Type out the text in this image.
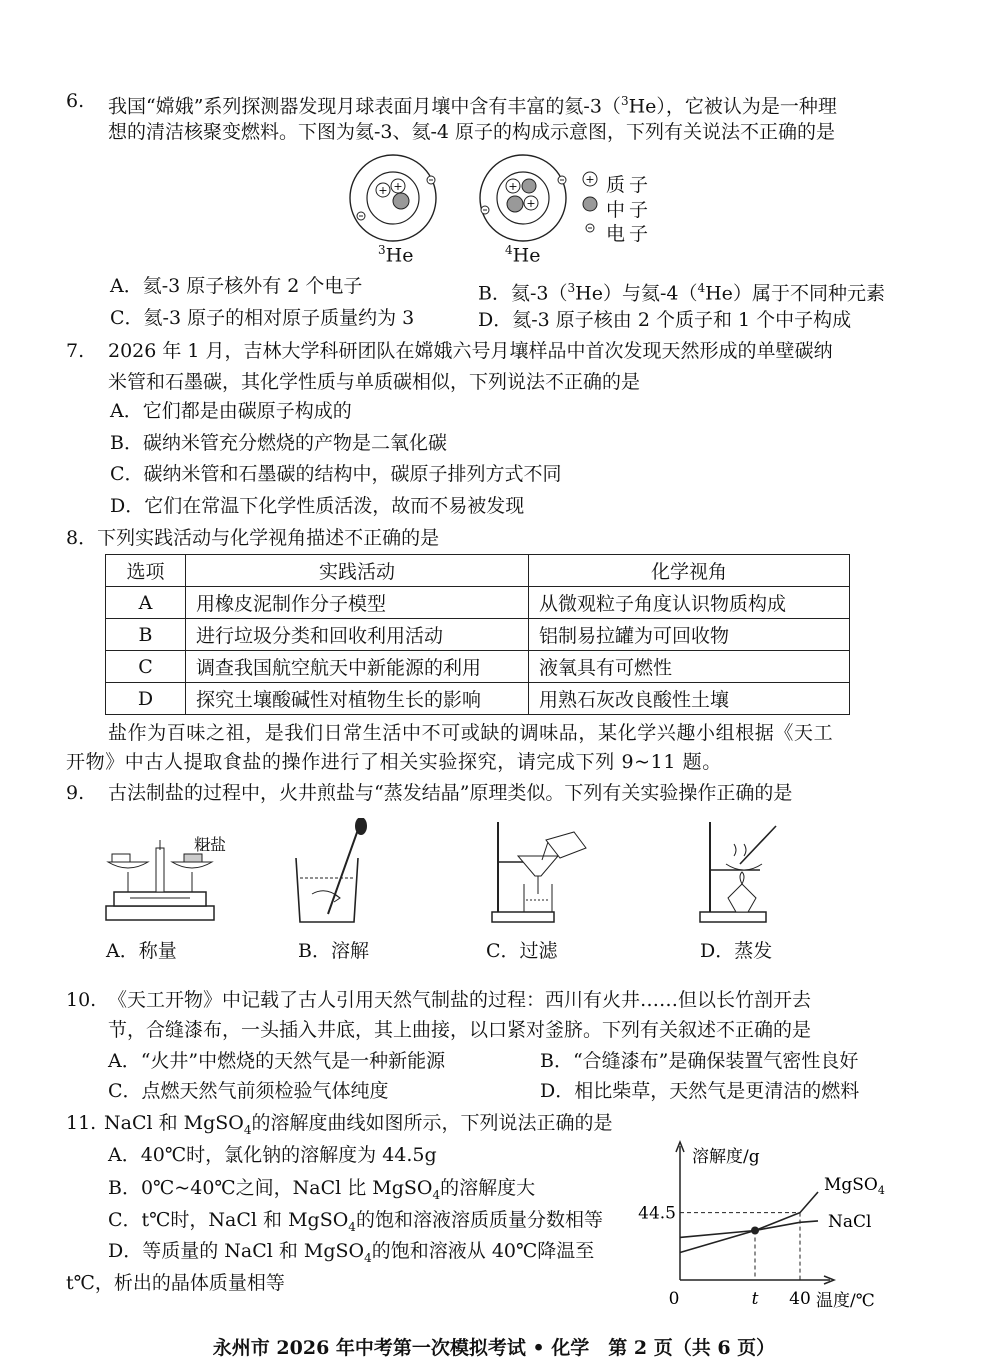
6. 我国“嫦娥”系列探测器发现月球表面月壤中含有丰富的氦-3（$^3$He），它被认为是一种理
想的清洁核聚变燃料。下图为氦-3、氦-4 原子的构成示意图，下列有关说法不正确的是
+ +	+
+
+ 质子
中子
电子
$^3$He	$^4$He
A．氦-3 原子核外有 2 个电子	B．氦-3（$^3$He）与氦-4（$^4$He）属于不同种元素
C．氦-3 原子的相对原子质量约为 3	D．氦-3 原子核由 2 个质子和 1 个中子构成
7. 2026 年 1 月，吉林大学科研团队在嫦娥六号月壤样品中首次发现天然形成的单壁碳纳
米管和石墨碳，其化学性质与单质碳相似，下列说法不正确的是
A．它们都是由碳原子构成的
B．碳纳米管充分燃烧的产物是二氧化碳
C．碳纳米管和石墨碳的结构中，碳原子排列方式不同
D．它们在常温下化学性质活泼，故而不易被发现
8．下列实践活动与化学视角描述不正确的是
选项	实践活动	化学视角
A	用橡皮泥制作分子模型	从微观粒子角度认识物质构成
B	进行垃圾分类和回收利用活动	铝制易拉罐为可回收物
C	调查我国航空航天中新能源的利用	液氧具有可燃性
D	探究土壤酸碱性对植物生长的影响	用熟石灰改良酸性土壤
盐作为百味之祖，是我们日常生活中不可或缺的调味品，某化学兴趣小组根据《天工
开物》中古人提取食盐的操作进行了相关实验探究，请完成下列 9~11 题。
9. 古法制盐的过程中，火井煎盐与“蒸发结晶”原理类似。下列有关实验操作正确的是
粗盐
A．称量	B．溶解	C．过滤	D．蒸发
10. 《天工开物》中记载了古人引用天然气制盐的过程：西川有火井……但以长竹剖开去
节，合缝漆布，一头插入井底，其上曲接，以口紧对釜脐。下列有关叙述不正确的是
A．“火井”中燃烧的天然气是一种新能源	B．“合缝漆布”是确保装置气密性良好
C．点燃天然气前须检验气体纯度	D．相比柴草，天然气是更清洁的燃料
11. NaCl 和 MgSO$_4$的溶解度曲线如图所示，下列说法正确的是
A．40℃时，氯化钠的溶解度为 44.5g
B．0℃~40℃之间，NaCl 比 MgSO$_4$的溶解度大
C．t℃时，NaCl 和 MgSO$_4$的饱和溶液溶质质量分数相等
D．等质量的 NaCl 和 MgSO$_4$的饱和溶液从 40℃降温至
t℃，析出的晶体质量相等
44.5
溶解度/g
0	t 40 温度/℃
MgSO$_4$
NaCl
永州市 2026 年中考第一次模拟考试 • 化学　第 2 页（共 6 页）
